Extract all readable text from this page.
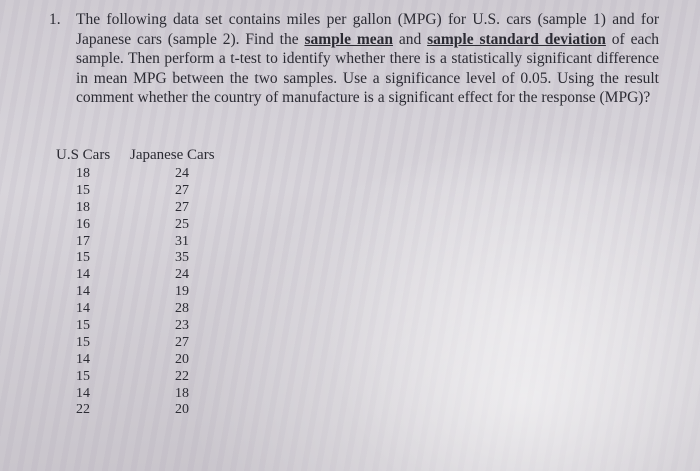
1. The following data set contains miles per gallon (MPG) for U.S. cars (sample 1) and for Japanese cars (sample 2). Find the sample mean and sample standard deviation of each sample. Then perform a t-test to identify whether there is a statistically significant difference in mean MPG between the two samples. Use a significance level of 0.05. Using the result comment whether the country of manufacture is a significant effect for the response (MPG)?
U.S Cars Japanese Cars
18
15
18
16
17
15
14
14
14
15
15
14
15
14
22
24
27
27
25
31
35
24
19
28
23
27
20
22
18
20
